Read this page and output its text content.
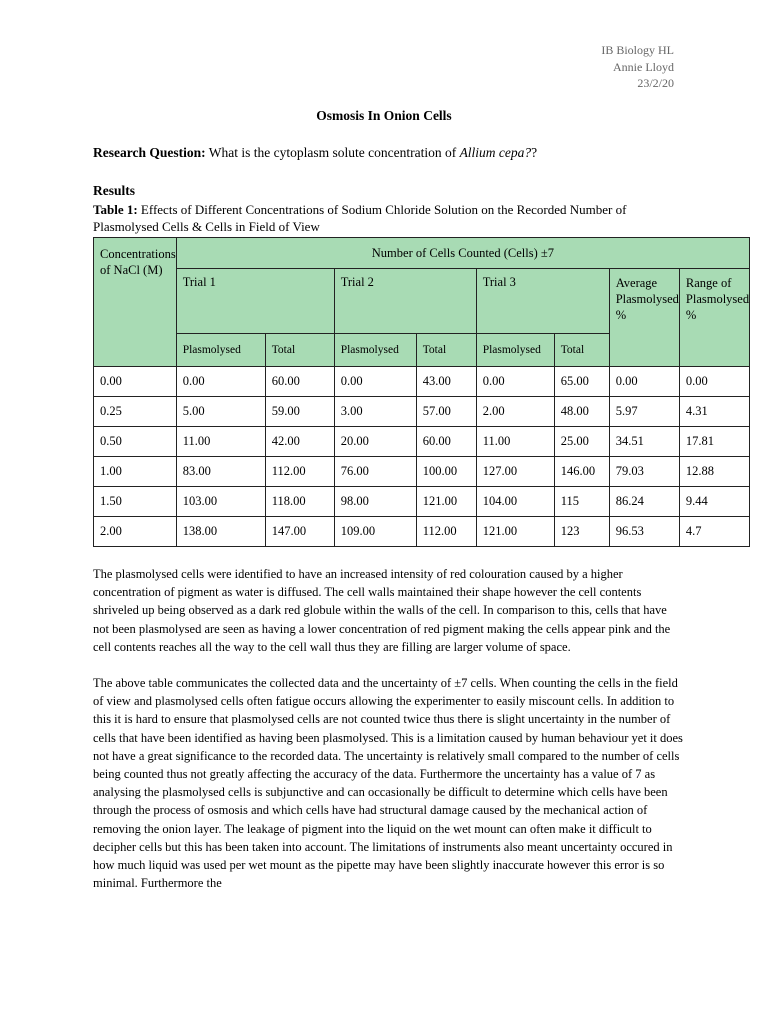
IB Biology HL
Annie Lloyd
23/2/20
Osmosis In Onion Cells
Research Question: What is the cytoplasm solute concentration of Allium cepa??
Results
Table 1: Effects of Different Concentrations of Sodium Chloride Solution on the Recorded Number of Plasmolysed Cells & Cells in Field of View
Concentrations of NaCl (M)	Number of Cells Counted (Cells) ±7							
	Trial 1		Trial 2		Trial 3		Average Plasmolysed %	Range of Plasmolysed %
	Plasmolysed	Total	Plasmolysed	Total	Plasmolysed	Total		
0.00	0.00	60.00	0.00	43.00	0.00	65.00	0.00	0.00
0.25	5.00	59.00	3.00	57.00	2.00	48.00	5.97	4.31
0.50	11.00	42.00	20.00	60.00	11.00	25.00	34.51	17.81
1.00	83.00	112.00	76.00	100.00	127.00	146.00	79.03	12.88
1.50	103.00	118.00	98.00	121.00	104.00	115	86.24	9.44
2.00	138.00	147.00	109.00	112.00	121.00	123	96.53	4.7

The plasmolysed cells were identified to have an increased intensity of red colouration caused by a higher concentration of pigment as water is diffused. The cell walls maintained their shape however the cell contents shriveled up being observed as a dark red globule within the walls of the cell. In comparison to this, cells that have not been plasmolysed are seen as having a lower concentration of red pigment making the cells appear pink and the cell contents reaches all the way to the cell wall thus they are filling are larger volume of space.

The above table communicates the collected data and the uncertainty of ±7 cells. When counting the cells in the field of view and plasmolysed cells often fatigue occurs allowing the experimenter to easily miscount cells. In addition to this it is hard to ensure that plasmolysed cells are not counted twice thus there is slight uncertainty in the number of cells that have been identified as having been plasmolysed. This is a limitation caused by human behaviour yet it does not have a great significance to the recorded data. The uncertainty is relatively small compared to the number of cells being counted thus not greatly affecting the accuracy of the data. Furthermore the uncertainty has a value of 7 as analysing the plasmolysed cells is subjunctive and can occasionally be difficult to determine which cells have been through the process of osmosis and which cells have had structural damage caused by the mechanical action of removing the onion layer. The leakage of pigment into the liquid on the wet mount can often make it difficult to decipher cells but this has been taken into account. The limitations of instruments also meant uncertainty occured in how much liquid was used per wet mount as the pipette may have been slightly inaccurate however this error is so minimal. Furthermore the
